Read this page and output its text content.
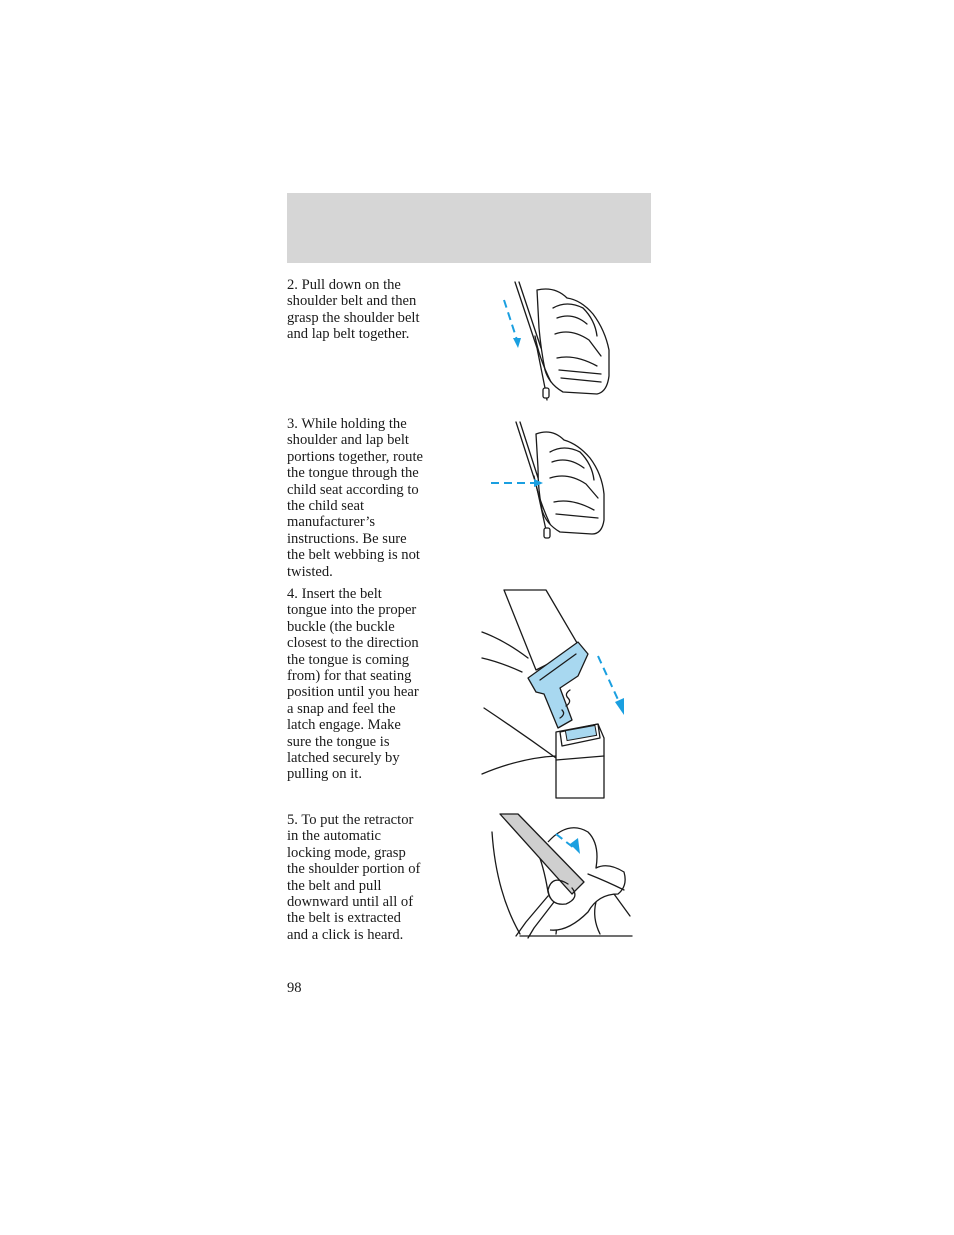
2. Pull down on the
shoulder belt and then
grasp the shoulder belt
and lap belt together.
3. While holding the
shoulder and lap belt
portions together, route
the tongue through the
child seat according to
the child seat
manufacturer’s
instructions. Be sure
the belt webbing is not
twisted.
4. Insert the belt
tongue into the proper
buckle (the buckle
closest to the direction
the tongue is coming
from) for that seating
position until you hear
a snap and feel the
latch engage. Make
sure the tongue is
latched securely by
pulling on it.
5. To put the retractor
in the automatic
locking mode, grasp
the shoulder portion of
the belt and pull
downward until all of
the belt is extracted
and a click is heard.
98
